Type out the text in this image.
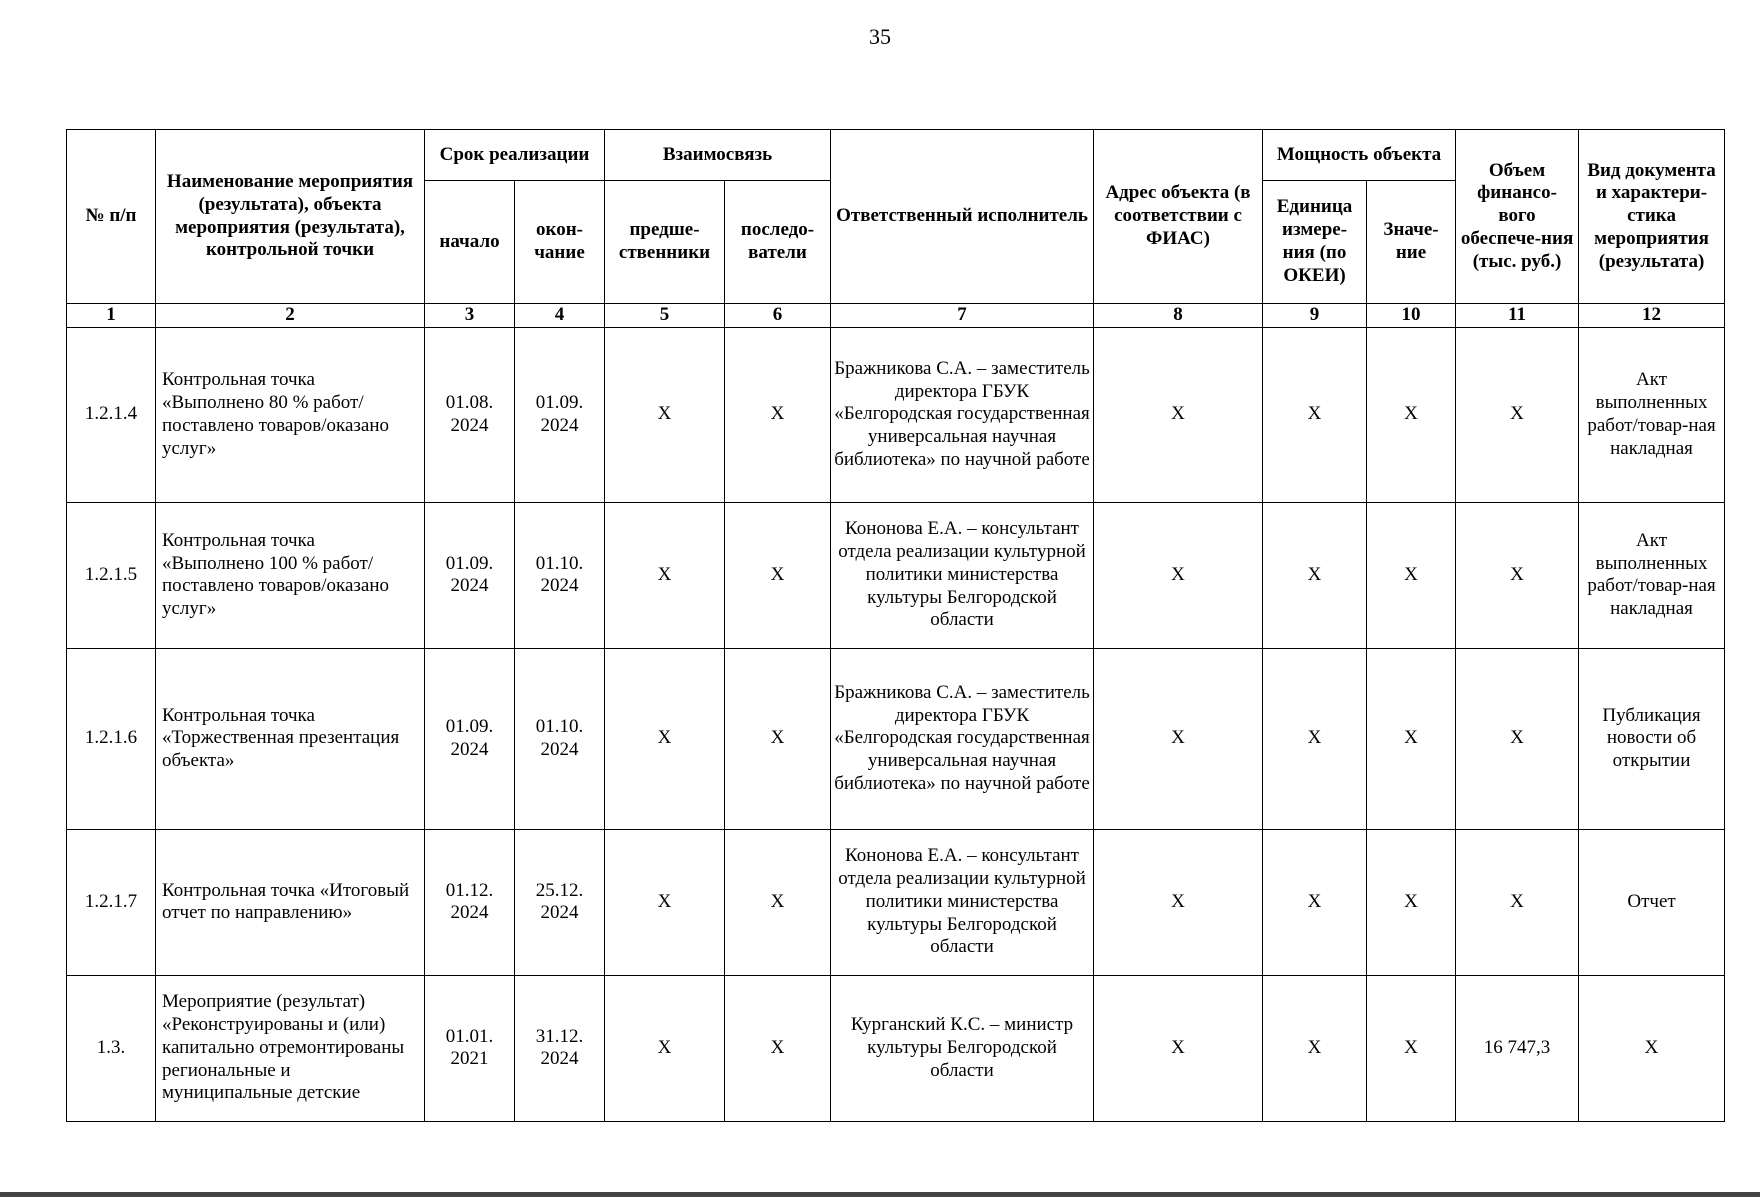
35
№ п/п	Наименование мероприятия (результата), объекта мероприятия (результата), контрольной точки	Срок реализации		Взаимосвязь		Ответственный исполнитель	Адрес объекта (в соответствии с ФИАС)	Мощность объекта		Объем финансо-вого обеспече-ния (тыс. руб.)	Вид документа и характери-стика мероприятия (результата)
		начало	окон-чание	предше-ственники	последо-ватели			Единица измере-ния (по ОКЕИ)	Значе-ние		
1	2	3	4	5	6	7	8	9	10	11	12
1.2.1.4	Контрольная точка «Выполнено 80 % работ/поставлено товаров/оказано услуг»	01.08. 2024	01.09. 2024	X	X	Бражникова С.А. – заместитель директора ГБУК «Белгородская государственная универсальная научная библиотека» по научной работе	X	X	X	X	Акт выполненных работ/товар-ная накладная
1.2.1.5	Контрольная точка «Выполнено 100 % работ/поставлено товаров/оказано услуг»	01.09. 2024	01.10. 2024	X	X	Кононова Е.А. – консультант отдела реализации культурной политики министерства культуры Белгородской области	X	X	X	X	Акт выполненных работ/товар-ная накладная
1.2.1.6	Контрольная точка «Торжественная презентация объекта»	01.09. 2024	01.10. 2024	X	X	Бражникова С.А. – заместитель директора ГБУК «Белгородская государственная универсальная научная библиотека» по научной работе	X	X	X	X	Публикация новости об открытии
1.2.1.7	Контрольная точка «Итоговый отчет по направлению»	01.12. 2024	25.12. 2024	X	X	Кононова Е.А. – консультант отдела реализации культурной политики министерства культуры Белгородской области	X	X	X	X	Отчет
1.3.	Мероприятие (результат) «Реконструированы и (или) капитально отремонтированы региональные и муниципальные детские	01.01. 2021	31.12. 2024	X	X	Курганский К.С. – министр культуры Белгородской области	X	X	X	16 747,3	X
